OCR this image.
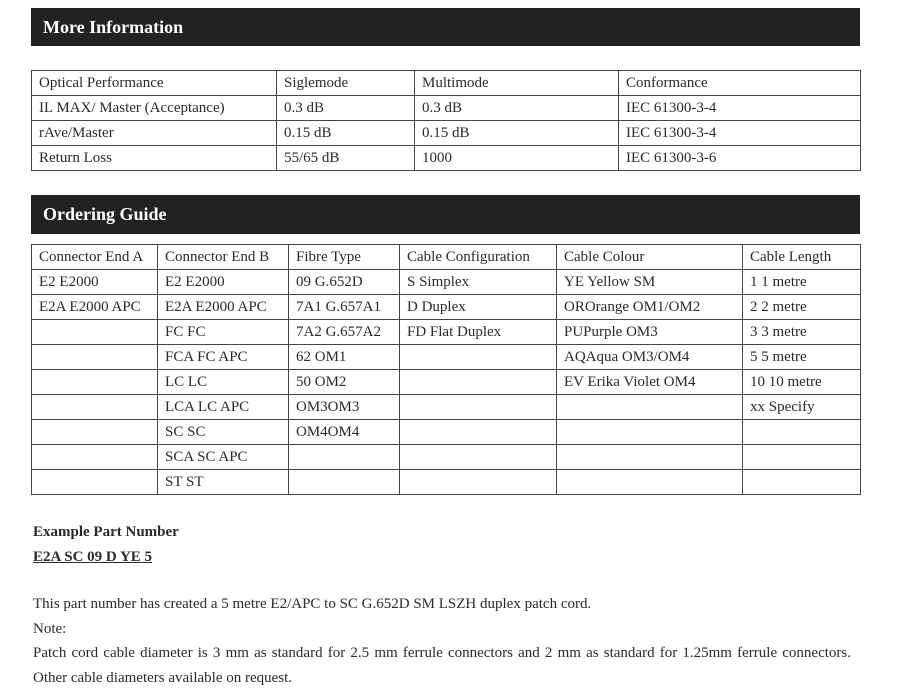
More Information
Optical Performance	Siglemode	Multimode	Conformance
IL MAX/ Master (Acceptance)	0.3 dB	0.3 dB	IEC 61300-3-4
rAve/Master	0.15 dB	0.15 dB	IEC 61300-3-4
Return Loss	55/65 dB	1000	IEC 61300-3-6
Ordering Guide
Connector End A	Connector End B	Fibre Type	Cable Configuration	Cable Colour	Cable Length
E2 E2000	E2 E2000	09 G.652D	S Simplex	YE Yellow SM	1 1 metre
E2A E2000 APC	E2A E2000 APC	7A1 G.657A1	D Duplex	OROrange OM1/OM2	2 2 metre
	FC FC	7A2 G.657A2	FD Flat Duplex	PUPurple OM3	3 3 metre
	FCA FC APC	62 OM1		AQAqua OM3/OM4	5 5 metre
	LC LC	50 OM2		EV Erika Violet OM4	10 10 metre
	LCA LC APC	OM3OM3			xx Specify
	SC SC	OM4OM4			
	SCA SC APC				
	ST ST				
Example Part Number
E2A SC 09 D YE 5
This part number has created a 5 metre E2/APC to SC G.652D SM LSZH duplex patch cord.
Note:
Patch cord cable diameter is 3 mm as standard for 2.5 mm ferrule connectors and 2 mm as standard for 1.25mm ferrule connectors. Other cable diameters available on request.
